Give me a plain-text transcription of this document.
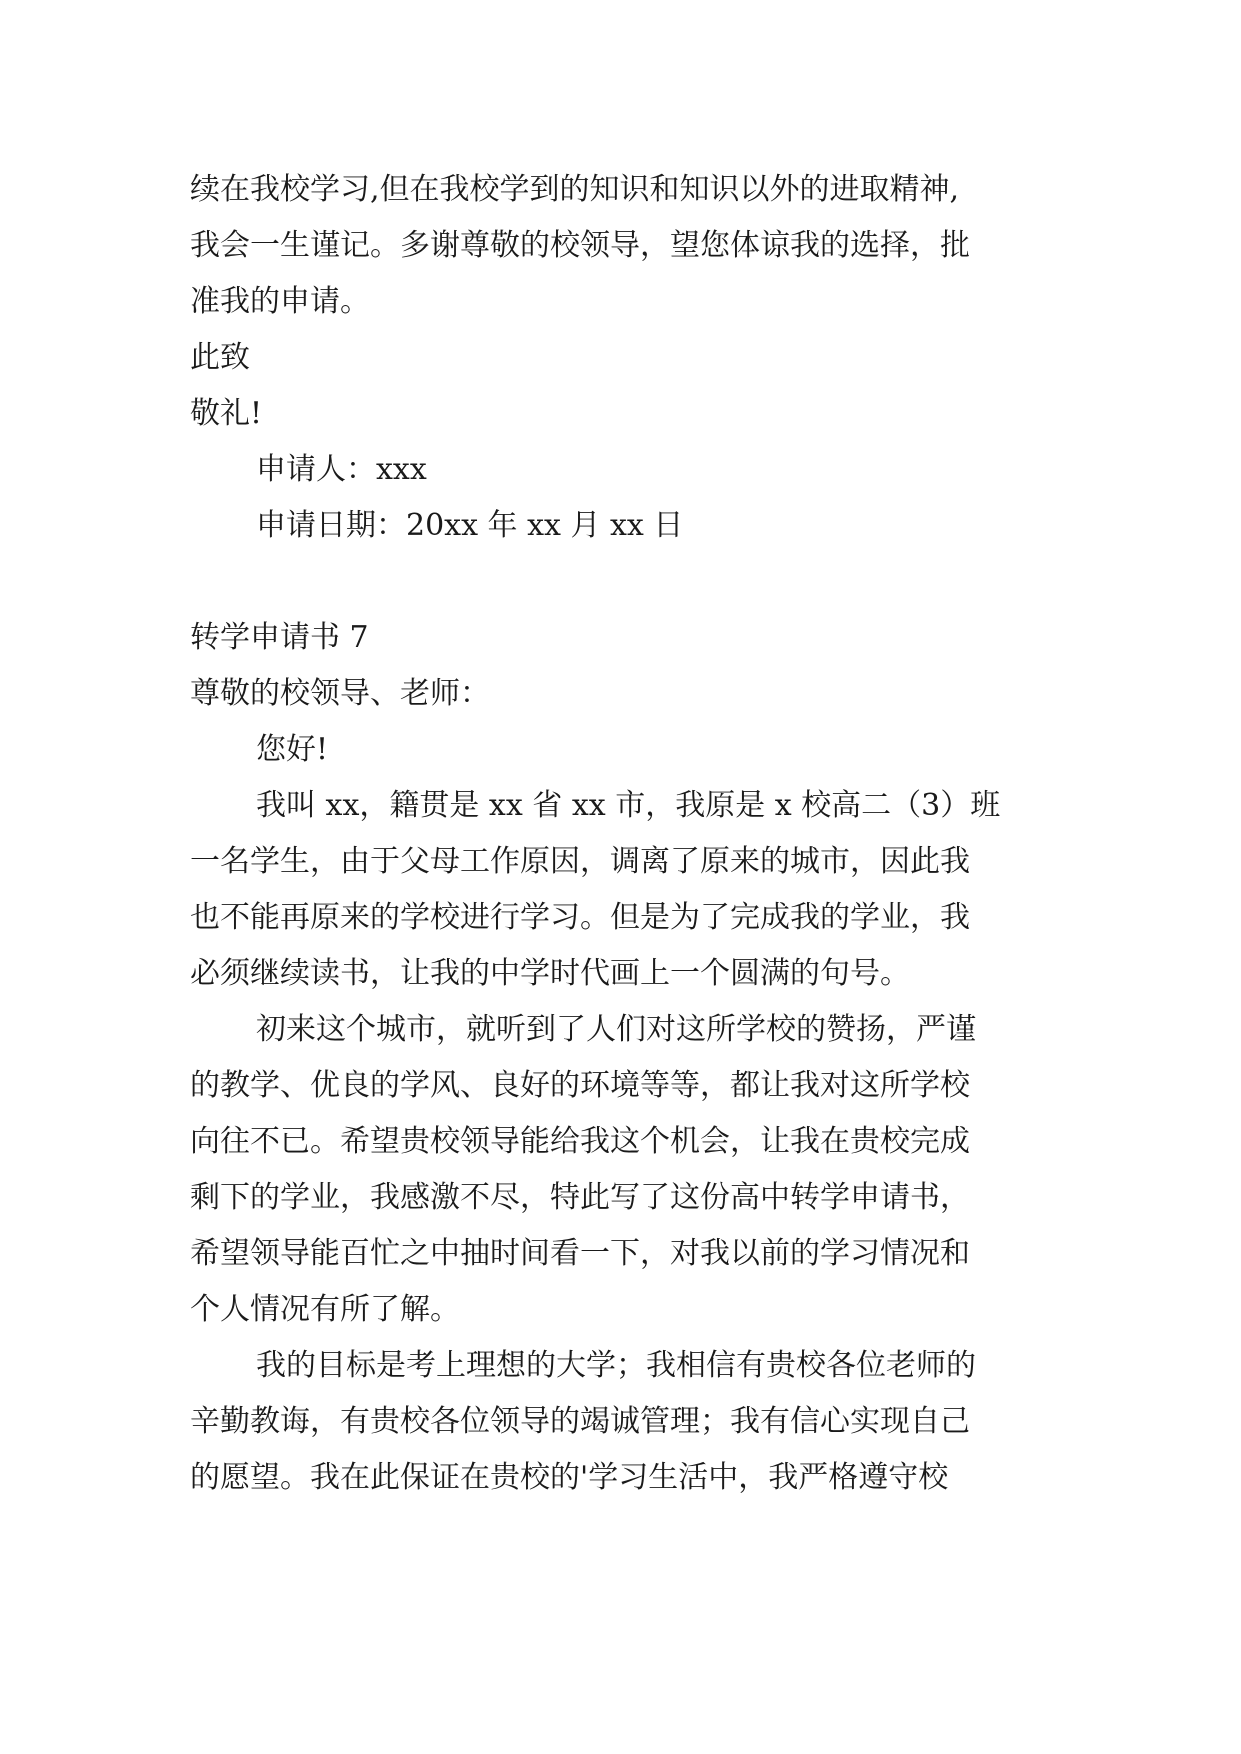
续在我校学习,但在我校学到的知识和知识以外的进取精神,
我会一生谨记。多谢尊敬的校领导，望您体谅我的选择，批
准我的申请。
此致
敬礼!
申请人：xxx
申请日期：20xx 年 xx 月 xx 日
转学申请书 7
尊敬的校领导、老师：
您好!
我叫 xx，籍贯是 xx 省 xx 市，我原是 x 校高二（3）班
一名学生，由于父母工作原因，调离了原来的城市，因此我
也不能再原来的学校进行学习。但是为了完成我的学业，我
必须继续读书，让我的中学时代画上一个圆满的句号。
初来这个城市，就听到了人们对这所学校的赞扬，严谨
的教学、优良的学风、良好的环境等等，都让我对这所学校
向往不已。希望贵校领导能给我这个机会，让我在贵校完成
剩下的学业，我感激不尽，特此写了这份高中转学申请书，
希望领导能百忙之中抽时间看一下，对我以前的学习情况和
个人情况有所了解。
我的目标是考上理想的大学；我相信有贵校各位老师的
辛勤教诲，有贵校各位领导的竭诚管理；我有信心实现自己
的愿望。我在此保证在贵校的'学习生活中，我严格遵守校
